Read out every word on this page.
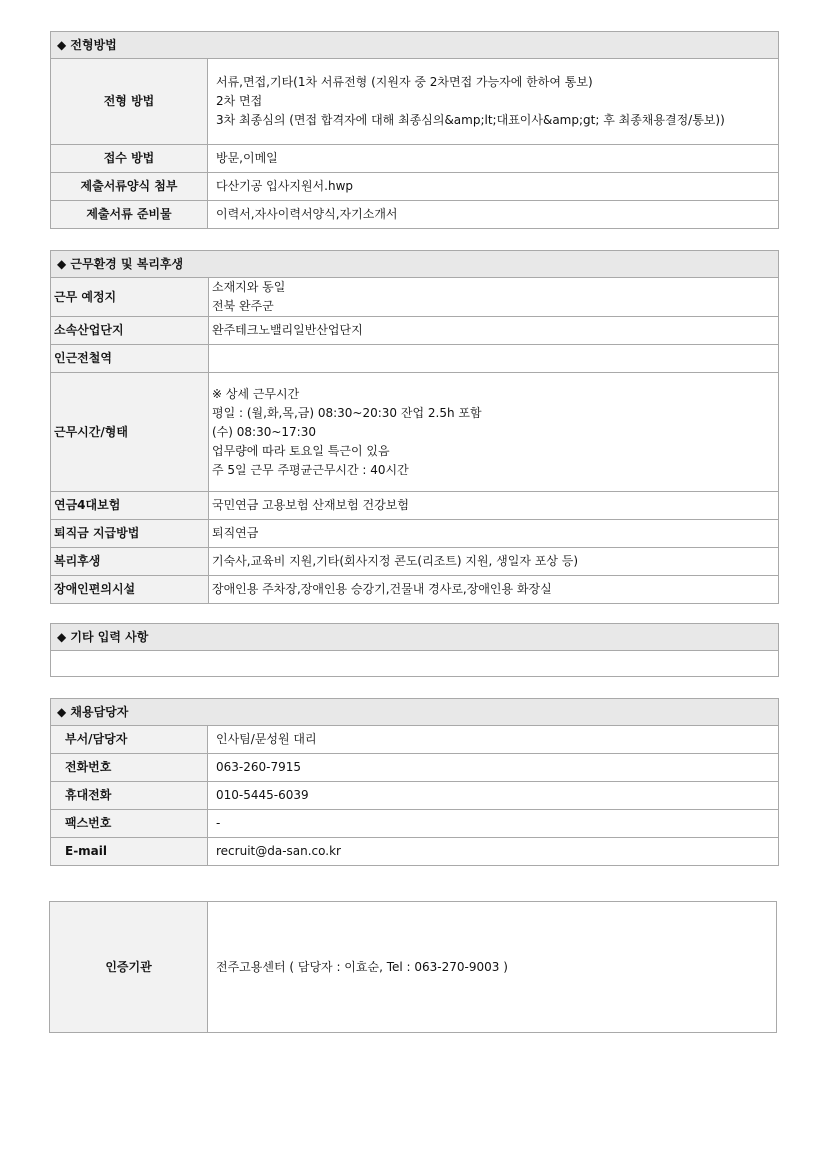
◆ 전형방법	
전형 방법	서류,면접,기타(1차 서류전형 (지원자 중 2차면접 가능자에 한하여 통보)
2차 면접
3차 최종심의 (면접 합격자에 대해 최종심의&amp;lt;대표이사&amp;gt; 후 최종채용결정/통보))
접수 방법	방문,이메일
제출서류양식 첨부	다산기공 입사지원서.hwp
제출서류 준비물	이력서,자사이력서양식,자기소개서
◆ 근무환경 및 복리후생	
근무 예정지	소재지와 동일
전북 완주군
소속산업단지	완주테크노밸리일반산업단지
인근전철역	
근무시간/형태	※ 상세 근무시간
평일 : (월,화,목,금) 08:30~20:30 잔업 2.5h 포함
(수) 08:30~17:30
업무량에 따라 토요일 특근이 있음
주 5일 근무 주평균근무시간 : 40시간
연금4대보험	국민연금 고용보험 산재보험 건강보험
퇴직금 지급방법	퇴직연금
복리후생	기숙사,교육비 지원,기타(회사지정 콘도(리조트) 지원, 생일자 포상 등)
장애인편의시설	장애인용 주차장,장애인용 승강기,건물내 경사로,장애인용 화장실
◆ 기타 입력 사항

◆ 채용담당자	
부서/담당자	인사팀/문성원 대리
전화번호	063-260-7915
휴대전화	010-5445-6039
팩스번호	-
E-mail	recruit@da-san.co.kr
인증기관	전주고용센터 ( 담당자 : 이효순, Tel : 063-270-9003 )
